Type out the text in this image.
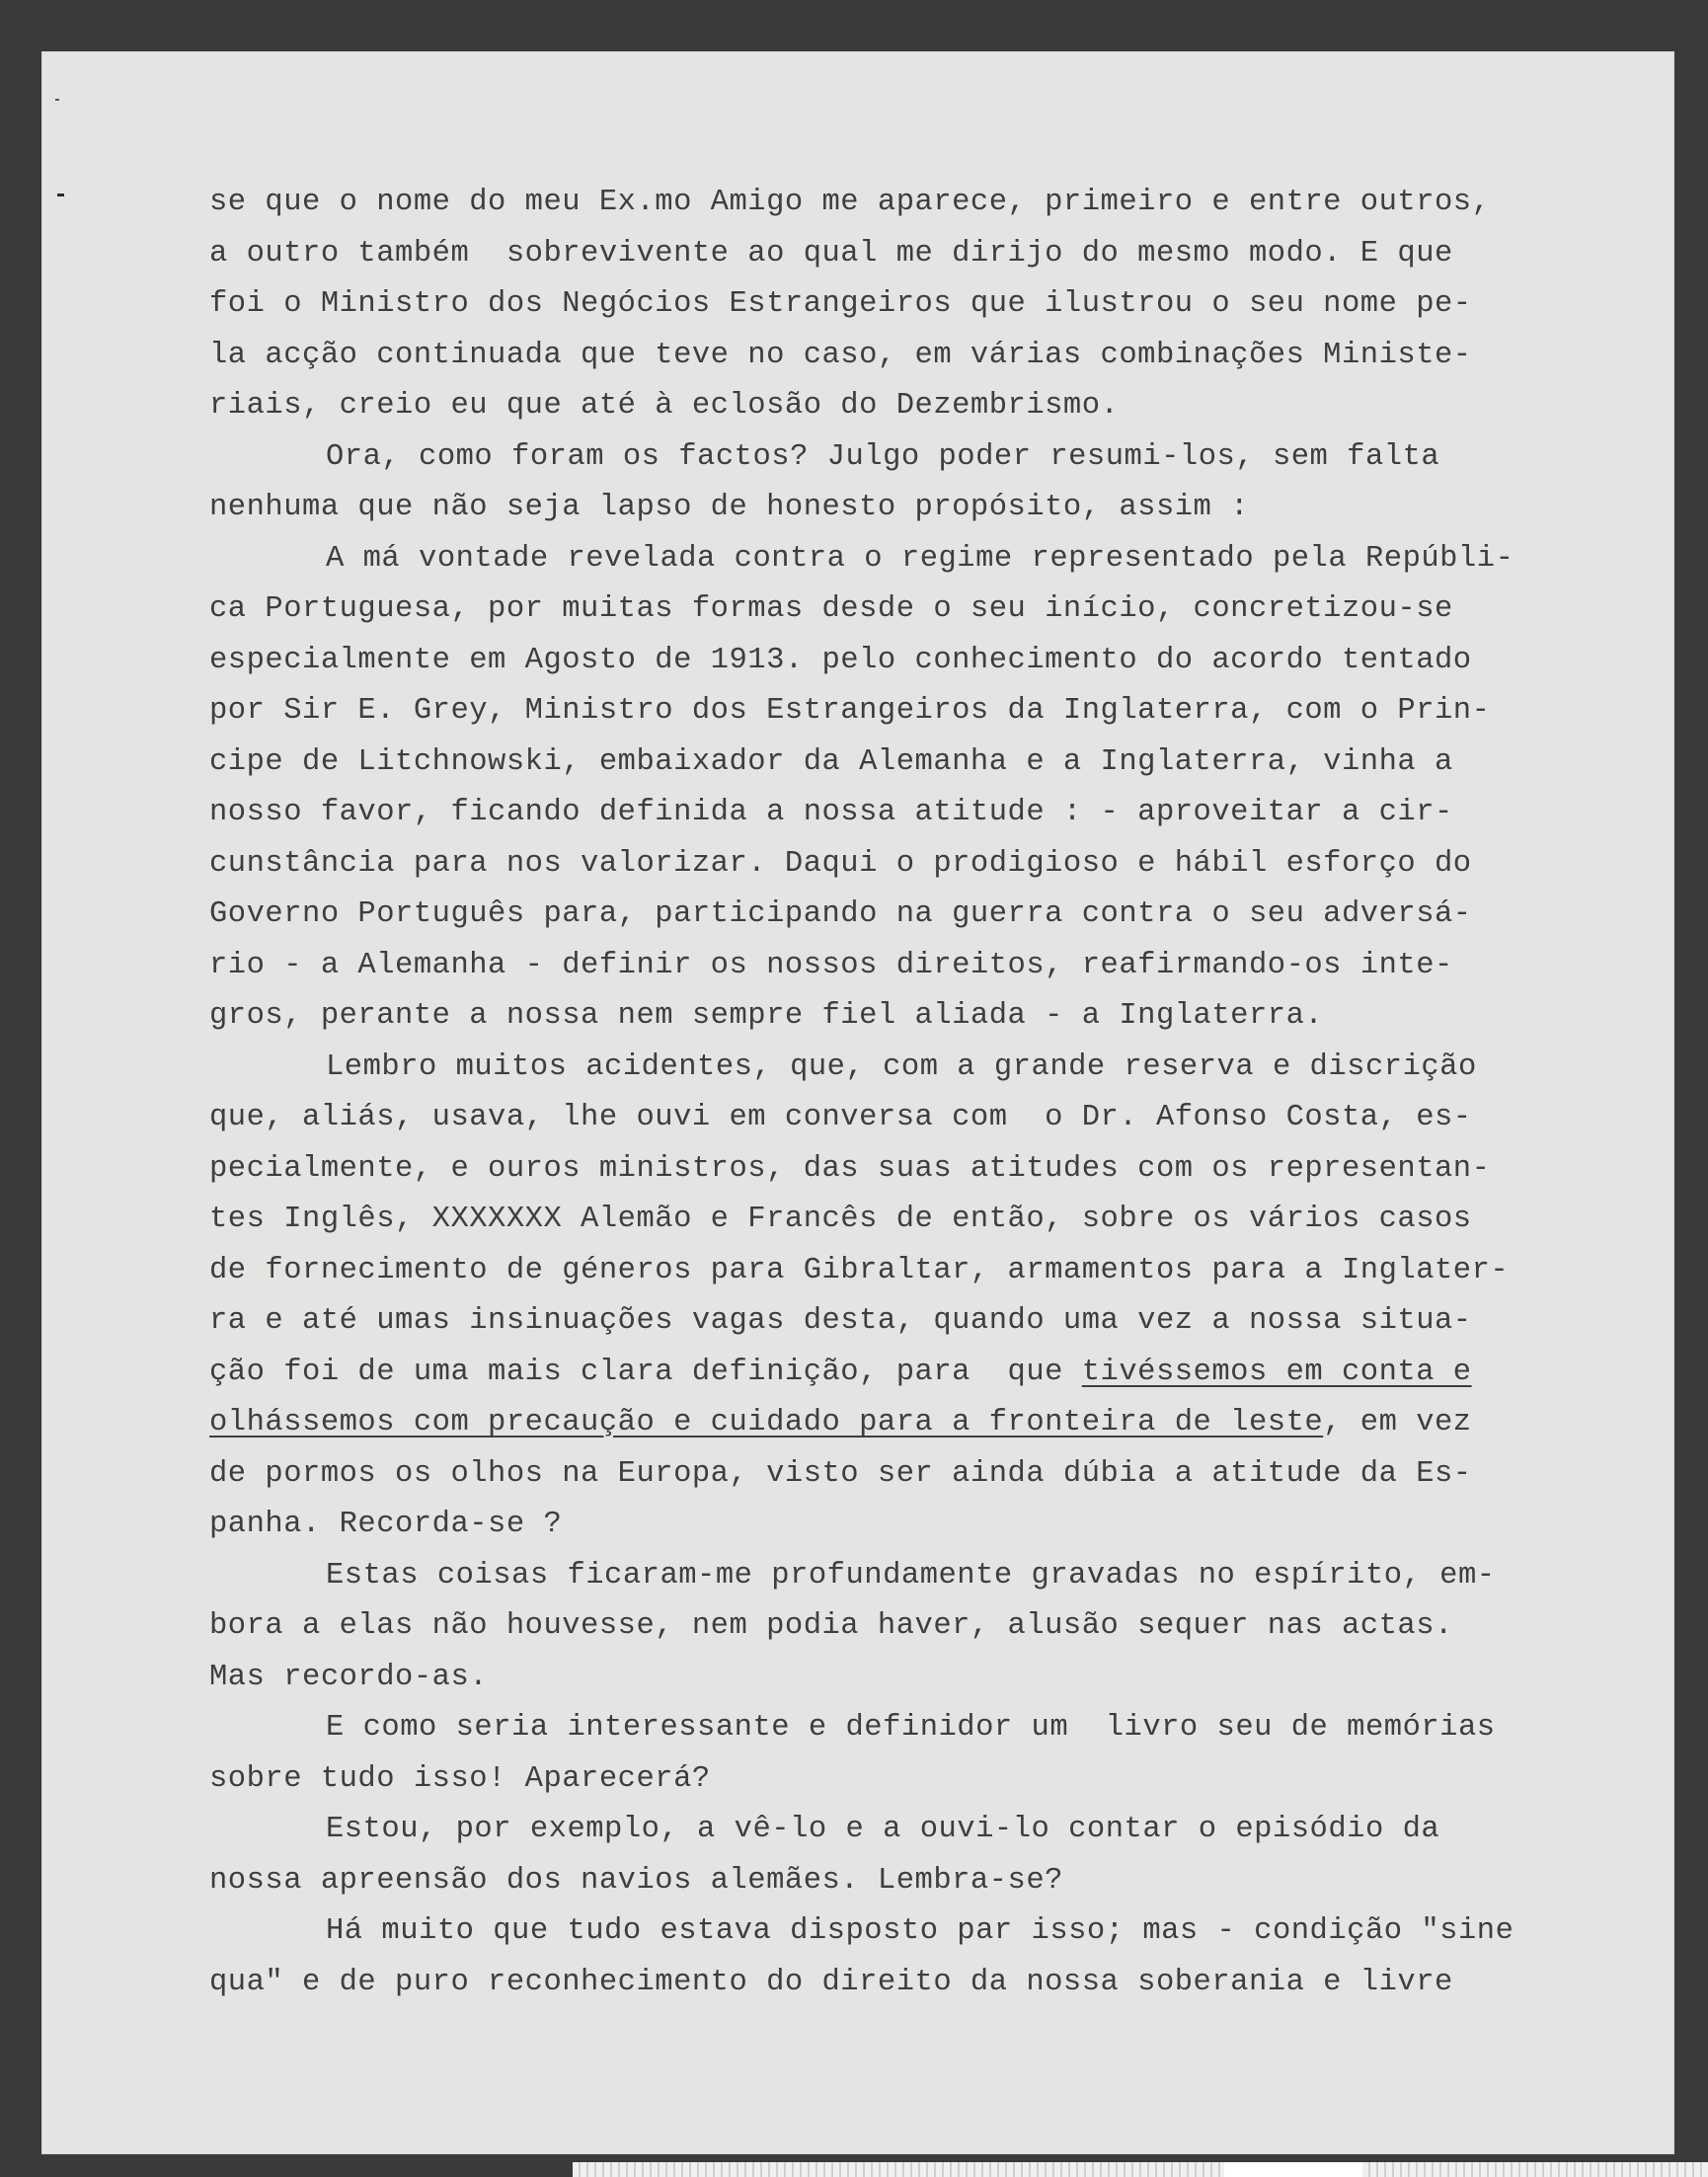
se que o nome do meu Ex.mo Amigo me aparece, primeiro e entre outros,
a outro também  sobrevivente ao qual me dirijo do mesmo modo. E que
foi o Ministro dos Negócios Estrangeiros que ilustrou o seu nome pe-
la acção continuada que teve no caso, em várias combinações Ministe-
riais, creio eu que até à eclosão do Dezembrismo.
Ora, como foram os factos? Julgo poder resumi-los, sem falta
nenhuma que não seja lapso de honesto propósito, assim :
A má vontade revelada contra o regime representado pela Repúbli-
ca Portuguesa, por muitas formas desde o seu início, concretizou-se
especialmente em Agosto de 1913. pelo conhecimento do acordo tentado
por Sir E. Grey, Ministro dos Estrangeiros da Inglaterra, com o Prin-
cipe de Litchnowski, embaixador da Alemanha e a Inglaterra, vinha a
nosso favor, ficando definida a nossa atitude : - aproveitar a cir-
cunstância para nos valorizar. Daqui o prodigioso e hábil esforço do
Governo Português para, participando na guerra contra o seu adversá-
rio - a Alemanha - definir os nossos direitos, reafirmando-os inte-
gros, perante a nossa nem sempre fiel aliada - a Inglaterra.
Lembro muitos acidentes, que, com a grande reserva e discrição
que, aliás, usava, lhe ouvi em conversa com  o Dr. Afonso Costa, es-
pecialmente, e ouros ministros, das suas atitudes com os representan-
tes Inglês, XXXXXXX Alemão e Francês de então, sobre os vários casos
de fornecimento de géneros para Gibraltar, armamentos para a Inglater-
ra e até umas insinuações vagas desta, quando uma vez a nossa situa-
ção foi de uma mais clara definição, para  que tivéssemos em conta e
olhássemos com precaução e cuidado para a fronteira de leste, em vez
de pormos os olhos na Europa, visto ser ainda dúbia a atitude da Es-
panha. Recorda-se ?
Estas coisas ficaram-me profundamente gravadas no espírito, em-
bora a elas não houvesse, nem podia haver, alusão sequer nas actas.
Mas recordo-as.
E como seria interessante e definidor um  livro seu de memórias
sobre tudo isso! Aparecerá?
Estou, por exemplo, a vê-lo e a ouvi-lo contar o episódio da
nossa apreensão dos navios alemães. Lembra-se?
Há muito que tudo estava disposto par isso; mas - condição "sine
qua" e de puro reconhecimento do direito da nossa soberania e livre
